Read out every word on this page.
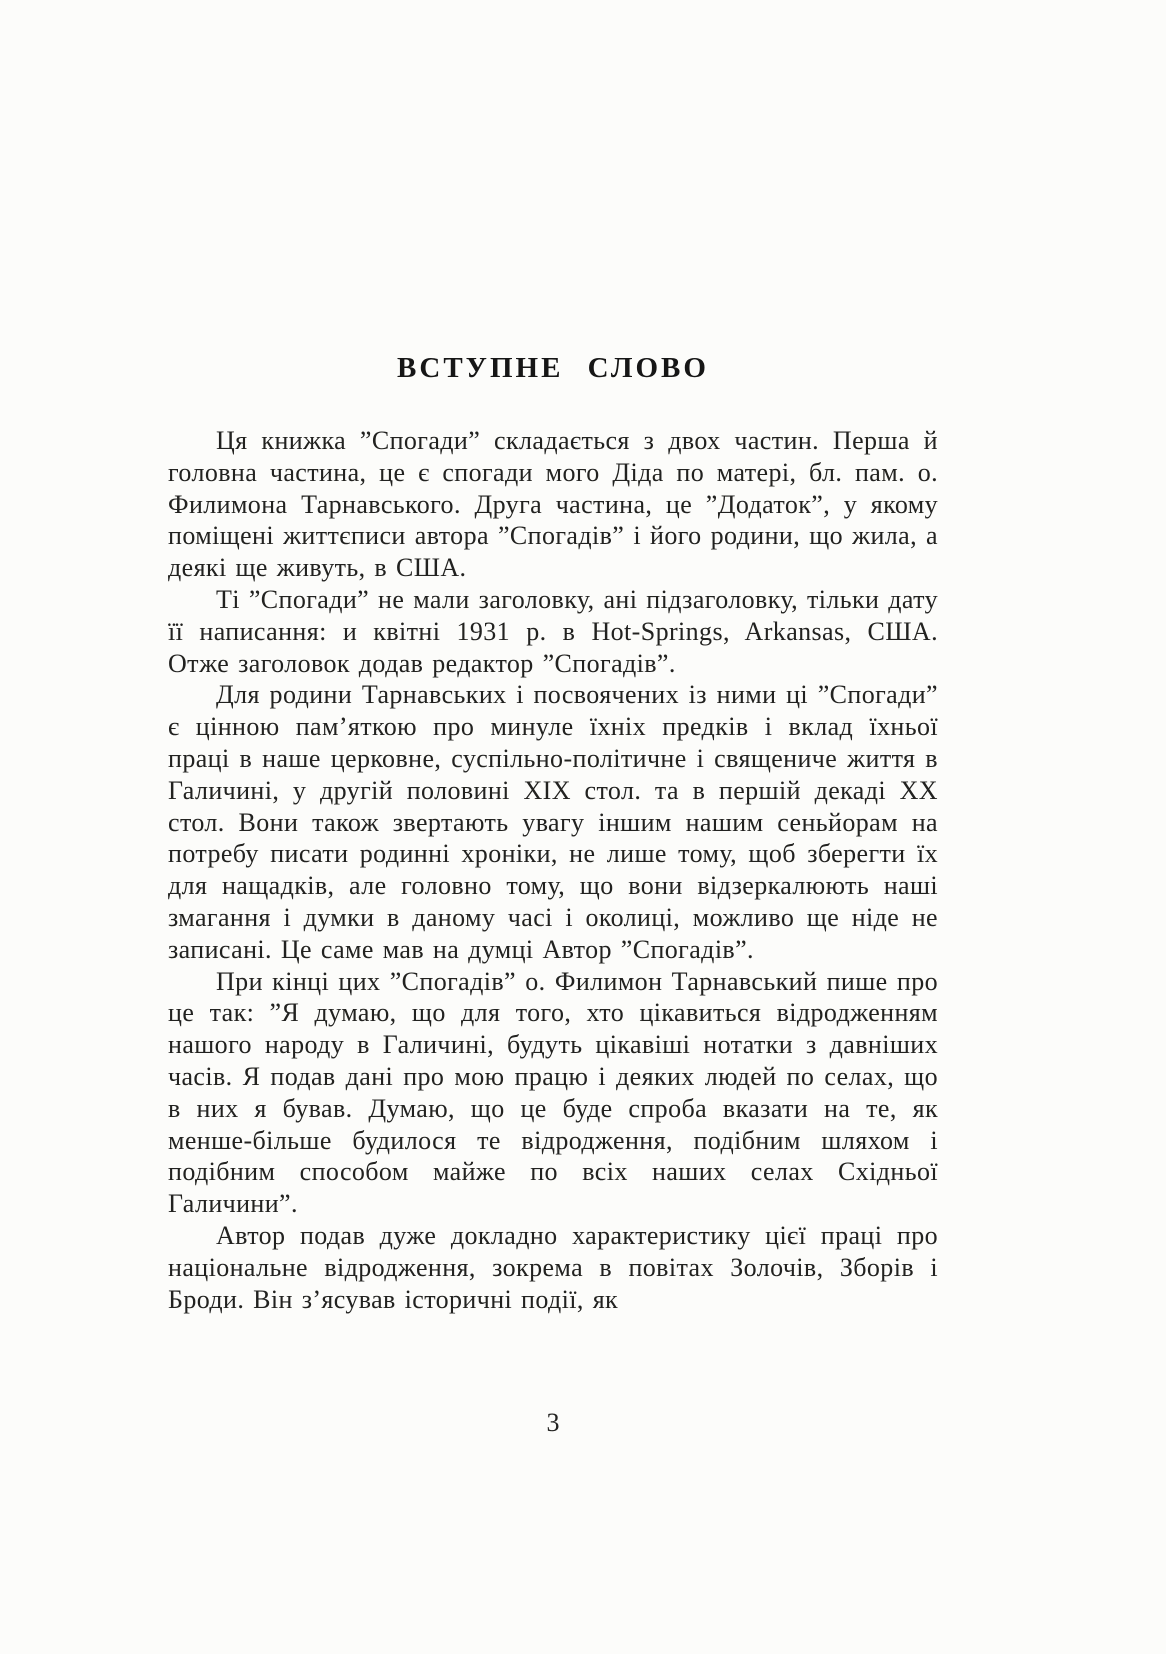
ВСТУПНЕ СЛОВО

Ця книжка ”Спогади” складається з двох частин. Перша й головна частина, це є спогади мого Діда по матері, бл. пам. о. Филимона Тарнавського. Друга частина, це ”Додаток”, у якому поміщені життєписи автора ”Спогадів” і його родини, що жила, а деякі ще живуть, в США.

Ті ”Спогади” не мали заголовку, ані підзаголовку, тільки дату її написання: и квітні 1931 р. в Hot-Springs, Arkansas, США. Отже заголовок додав редактор ”Спогадів”.

Для родини Тарнавських і посвоячених із ними ці ”Спогади” є цінною пам’яткою про минуле їхніх предків і вклад їхньої праці в наше церковне, суспільно-політичне і священиче життя в Галичині, у другій половині XIX стол. та в першій декаді XX стол. Вони також звертають увагу іншим нашим сеньйорам на потребу писати родинні хроніки, не лише тому, щоб зберегти їх для нащадків, але головно тому, що вони відзеркалюють наші змагання і думки в даному часі і околиці, можливо ще ніде не записані. Це саме мав на думці Автор ”Спогадів”.

При кінці цих ”Спогадів” о. Филимон Тарнавський пише про це так: ”Я думаю, що для того, хто цікавиться відродженням нашого народу в Галичині, будуть цікавіші нотатки з давніших часів. Я подав дані про мою працю і деяких людей по селах, що в них я бував. Думаю, що це буде спроба вказати на те, як менше-більше будилося те відродження, подібним шляхом і подібним способом майже по всіх наших селах Східньої Галичини”.

Автор подав дуже докладно характеристику цієї праці про національне відродження, зокрема в повітах Золочів, Зборів і Броди. Він з’ясував історичні події, як

3
